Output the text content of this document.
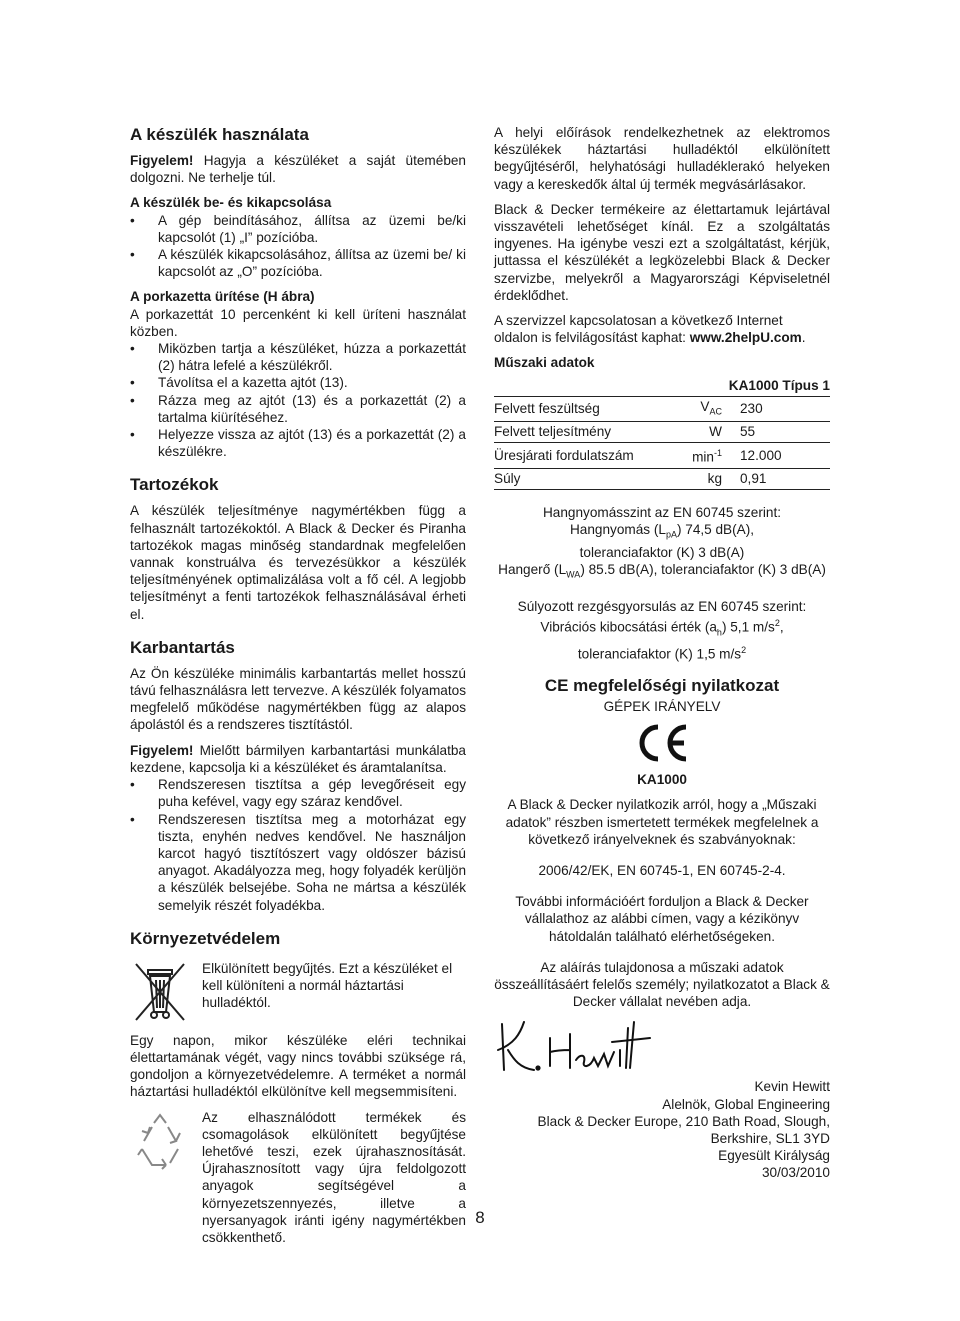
A készülék használata

Figyelem! Hagyja a készüléket a saját ütemében dolgozni. Ne terhelje túl.

A készülék be- és kikapcsolása
• A gép beindításához, állítsa az üzemi be/ki kapcsolót (1) „I” pozícióba.
• A készülék kikapcsolásához, állítsa az üzemi be/ ki kapcsolót az „O” pozícióba.
A porkazetta ürítése (H ábra)

A porkazettát 10 percenként ki kell üríteni használat közben.

• Miközben tartja a készüléket, húzza a porkazettát (2) hátra lefelé a készülékről.
• Távolítsa el a kazetta ajtót (13).
• Rázza meg az ajtót (13) és a porkazettát (2) a tartalma kiürítéséhez.
• Helyezze vissza az ajtót (13) és a porkazettát (2) a készülékre.
Tartozékok

A készülék teljesítménye nagymértékben függ a felhasznált tartozékoktól. A Black & Decker és Piranha tartozékok magas minőség standardnak megfelelően vannak konstruálva és tervezésükkor a készülék teljesítményének optimalizálása volt a fő cél. A legjobb teljesítményt a fenti tartozékok felhasználásával érheti el.

Karbantartás

Az Ön készüléke minimális karbantartás mellet hosszú távú felhasználásra lett tervezve. A készülék folyamatos megfelelő működése nagymértékben függ az alapos ápolástól és a rendszeres tisztítástól.

Figyelem! Mielőtt bármilyen karbantartási munkálatba kezdene, kapcsolja ki a készüléket és áramtalanítsa.

• Rendszeresen tisztítsa a gép levegőréseit egy puha kefével, vagy egy száraz kendővel.
• Rendszeresen tisztítsa meg a motorházat egy tiszta, enyhén nedves kendővel. Ne használjon karcot hagyó tisztítószert vagy oldószer bázisú anyagot. Akadályozza meg, hogy folyadék kerüljön a készülék belsejébe. Soha ne mártsa a készülék semelyik részét folyadékba.
Környezetvédelem

Elkülönített begyűjtés. Ezt a készüléket el kell különíteni a normál háztartási hulladéktól.

Egy napon, mikor készüléke eléri technikai élettartamának végét, vagy nincs további szüksége rá, gondoljon a környezetvédelemre. A terméket a normál háztartási hulladéktól elkülönítve kell megsemmisíteni.

Az elhasználódott termékek és csomagolások elkülönített begyűjtése lehetővé teszi, ezek újrahasznosítását. Újrahasznosított vagy újra feldolgozott anyagok segítségével a környezetszennyezés, illetve a nyersanyagok iránti igény nagymértékben csökkenthető.

A helyi előírások rendelkezhetnek az elektromos készülékek háztartási hulladéktól elkülönített begyűjtéséről, helyhatósági hulladéklerakó helyeken vagy a kereskedők által új termék megvásárlásakor.

Black & Decker termékeire az élettartamuk lejártával visszavételi lehetőséget kínál. Ez a szolgáltatás ingyenes. Ha igénybe veszi ezt a szolgáltatást, kérjük, juttassa el készülékét a legközelebbi Black & Decker szervizbe, melyekről a Magyarországi Képviseletnél érdeklődhet.

A szervizzel kapcsolatosan a következő Internet oldalon is felvilágosítást kaphat: www.2helpU.com.

Műszaki adatok
KA1000 Típus 1		
Felvett feszültség	$V_{AC}$	230
Felvett teljesítmény	W	55
Üresjárati fordulatszám	$\min^{-1}$	12.000
Súly	kg	0,91

Hangnyomásszint az EN 60745 szerint:

Hangnyomás $(L_{pA})$ 74,5 dB(A),

toleranciafaktor (K) 3 dB(A)

Hangerő $(L_{WA})$ 85.5 dB(A), toleranciafaktor (K) 3 dB(A)

Súlyozott rezgésgyorsulás az EN 60745 szerint:

Vibrációs kibocsátási érték $(a_h)$ 5,1 $m/s^2$,

toleranciafaktor (K) 1,5 $m/s^2$

CE megfelelőségi nyilatkozat

GÉPEK IRÁNYELV

KA1000

A Black & Decker nyilatkozik arról, hogy a „Műszaki adatok” részben ismertetett termékek megfelelnek a következő irányelveknek és szabványoknak:

2006/42/EK, EN 60745-1, EN 60745-2-4.

További információért forduljon a Black & Decker vállalathoz az alábbi címen, vagy a kézikönyv hátoldalán található elérhetőségeken.

Az aláírás tulajdonosa a műszaki adatok összeállításáért felelős személy; nyilatkozatot a Black & Decker vállalat nevében adja.

Kevin Hewitt

Alelnök, Global Engineering

Black & Decker Europe, 210 Bath Road, Slough,

Berkshire, SL1 3YD

Egyesült Királyság

30/03/2010

8
